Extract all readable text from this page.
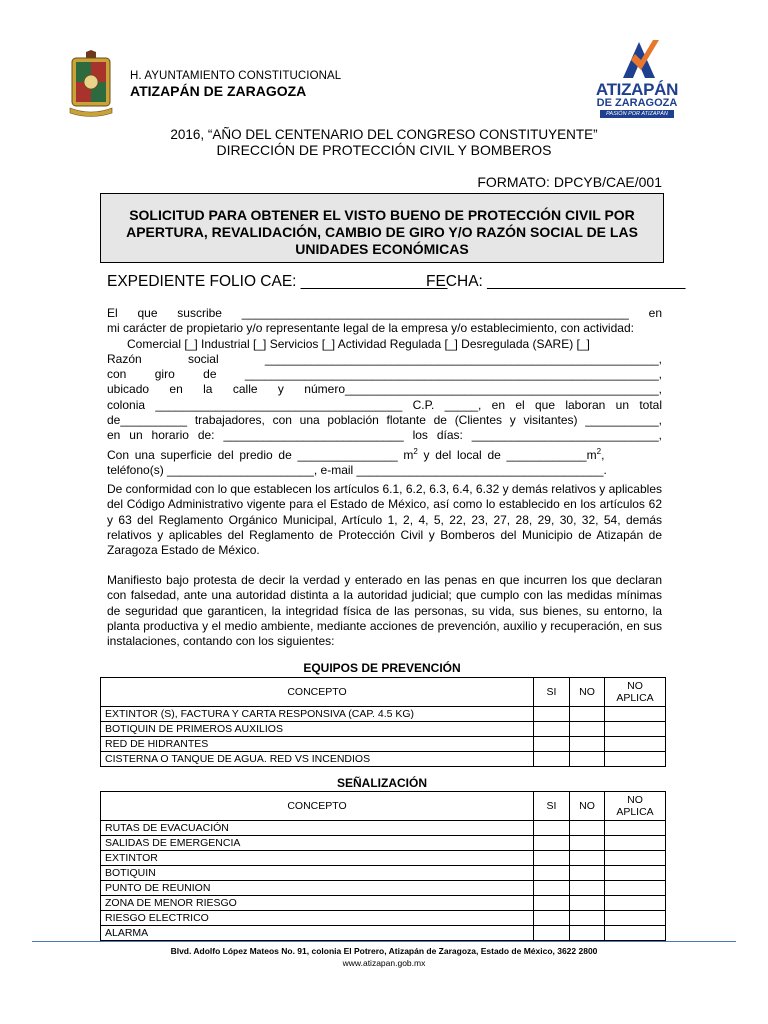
H. AYUNTAMIENTO CONSTITUCIONAL
ATIZAPÁN DE ZARAGOZA	ATIZAPÁN
DE ZARAGOZA
PASIÓN POR ATIZAPÁN
2016, “AÑO DEL CENTENARIO DEL CONGRESO CONSTITUYENTE”
DIRECCIÓN DE PROTECCIÓN CIVIL Y BOMBEROS
FORMATO: DPCYB/CAE/001
SOLICITUD PARA OBTENER EL VISTO BUENO DE PROTECCIÓN CIVIL POR
APERTURA, REVALIDACIÓN, CAMBIO DE GIRO Y/O RAZÓN SOCIAL DE LAS
UNIDADES ECONÓMICAS
EXPEDIENTE FOLIO CAE: _________________
FECHA: _______________________

El que suscribe __________________________________________________________ en

mi carácter de propietario y/o representante legal de la empresa y/o establecimiento, con actividad:

Comercial [_] Industrial [_] Servicios [_] Actividad Regulada [_] Desregulada (SARE) [_]

Razón social ___________________________________________________________,

con giro de ______________________________________________________________,

ubicado en la calle y número_______________________________________________,

colonia _____________________________________ C.P. _____, en el que laboran un total

de__________ trabajadores, con una población flotante de (Clientes y visitantes) ___________,

en un horario de: ___________________________ los días: ____________________________,

Con una superficie del predio de _______________ $m^2$ y del local de $\_\_\_\_\_\_\_\_\_\_\_\_m^2$,

teléfono(s) ______________________, e-mail _____________________________________.

De conformidad con lo que establecen los artículos 6.1, 6.2, 6.3, 6.4, 6.32 y demás relativos y aplicables del Código Administrativo vigente para el Estado de México, así como lo establecido en los artículos 62 y 63 del Reglamento Orgánico Municipal, Artículo 1, 2, 4, 5, 22, 23, 27, 28, 29, 30, 32, 54, demás relativos y aplicables del Reglamento de Protección Civil y Bomberos del Municipio de Atizapán de Zaragoza Estado de México.
Manifiesto bajo protesta de decir la verdad y enterado en las penas en que incurren los que declaran con falsedad, ante una autoridad distinta a la autoridad judicial; que cumplo con las medidas mínimas de seguridad que garanticen, la integridad física de las personas, su vida, sus bienes, su entorno, la planta productiva y el medio ambiente, mediante acciones de prevención, auxilio y recuperación, en sus instalaciones, contando con los siguientes:
EQUIPOS DE PREVENCIÓN
CONCEPTO	SI	NO	NO APLICA
EXTINTOR (S), FACTURA Y CARTA RESPONSIVA (CAP. 4.5 KG)			
BOTIQUIN DE PRIMEROS AUXILIOS			
RED DE HIDRANTES			
CISTERNA O TANQUE DE AGUA. RED VS INCENDIOS			
SEÑALIZACIÓN
CONCEPTO	SI	NO	NO APLICA
RUTAS DE EVACUACIÓN			
SALIDAS DE EMERGENCIA			
EXTINTOR			
BOTIQUIN			
PUNTO DE REUNION			
ZONA DE MENOR RIESGO			
RIESGO ELECTRICO			
ALARMA			
Blvd. Adolfo López Mateos No. 91, colonia El Potrero, Atizapán de Zaragoza, Estado de México, 3622 2800
www.atizapan.gob.mx
